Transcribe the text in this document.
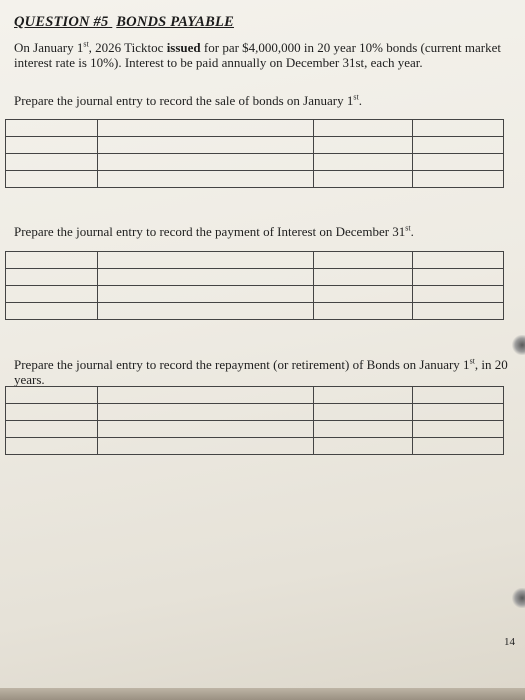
QUESTION #5 BONDS PAYABLE
On January 1st, 2026 Ticktoc issued for par $4,000,000 in 20 year 10% bonds (current market interest rate is 10%). Interest to be paid annually on December 31st, each year.
Prepare the journal entry to record the sale of bonds on January 1st.

Prepare the journal entry to record the payment of Interest on December 31st.

Prepare the journal entry to record the repayment (or retirement) of Bonds on January 1st, in 20 years.

14
